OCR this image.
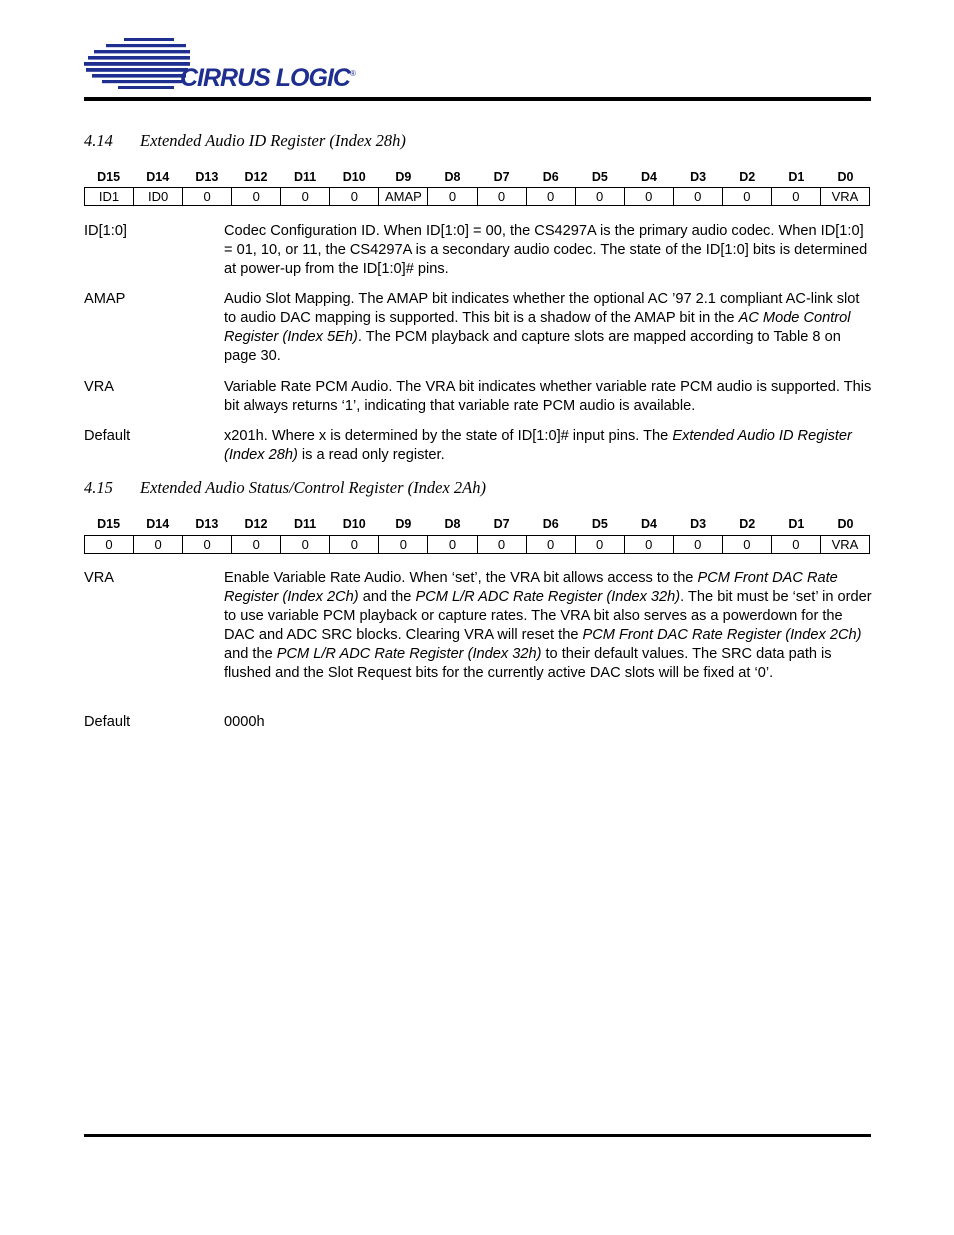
CIRRUS LOGIC ®
4.14 Extended Audio ID Register (Index 28h)
D15	D14	D13	D12	D11	D10	D9	D8	D7	D6	D5	D4	D3	D2	D1	D0
ID1	ID0	0	0	0	0	AMAP	0	0	0	0	0	0	0	0	VRA
ID[1:0]	Codec Configuration ID. When ID[1:0] = 00, the CS4297A is the primary audio codec. When ID[1:0] = 01, 10, or 11, the CS4297A is a secondary audio codec. The state of the ID[1:0] bits is determined at power-up from the ID[1:0]# pins.
AMAP	Audio Slot Mapping. The AMAP bit indicates whether the optional AC ’97 2.1 compliant AC-link slot to audio DAC mapping is supported. This bit is a shadow of the AMAP bit in the AC Mode Control Register (Index 5Eh). The PCM playback and capture slots are mapped according to Table 8 on page 30.
VRA	Variable Rate PCM Audio. The VRA bit indicates whether variable rate PCM audio is supported. This bit always returns ‘1’, indicating that variable rate PCM audio is available.
Default	x201h. Where x is determined by the state of ID[1:0]# input pins. The Extended Audio ID Register (Index 28h) is a read only register.
4.15 Extended Audio Status/Control Register (Index 2Ah)
D15	D14	D13	D12	D11	D10	D9	D8	D7	D6	D5	D4	D3	D2	D1	D0
0	0	0	0	0	0	0	0	0	0	0	0	0	0	0	VRA
VRA	Enable Variable Rate Audio. When ‘set’, the VRA bit allows access to the PCM Front DAC Rate Register (Index 2Ch) and the PCM L/R ADC Rate Register (Index 32h). The bit must be ‘set’ in order to use variable PCM playback or capture rates. The VRA bit also serves as a powerdown for the DAC and ADC SRC blocks. Clearing VRA will reset the PCM Front DAC Rate Register (Index 2Ch) and the PCM L/R ADC Rate Register (Index 32h) to their default values. The SRC data path is flushed and the Slot Request bits for the currently active DAC slots will be fixed at ‘0’.
Default	0000h
